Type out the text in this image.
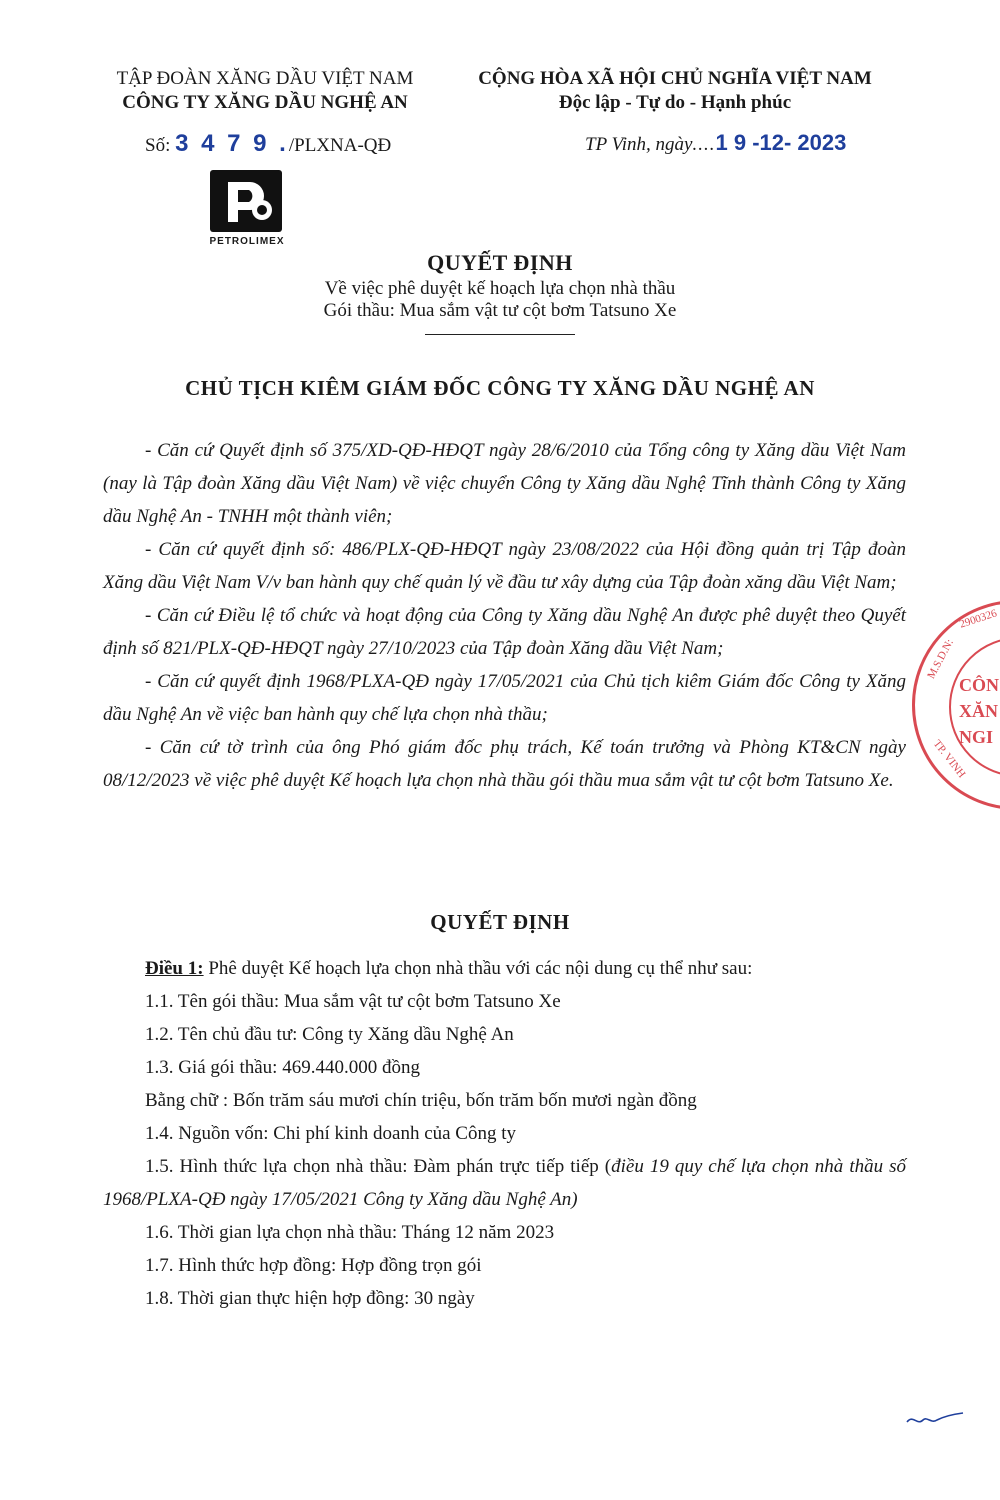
TẬP ĐOÀN XĂNG DẦU VIỆT NAM
CÔNG TY XĂNG DẦU NGHỆ AN
CỘNG HÒA XÃ HỘI CHỦ NGHĨA VIỆT NAM
Độc lập - Tự do - Hạnh phúc
Số: 3 4 7 9 ./PLXNA-QĐ	TP Vinh, ngày....1 9 -12- 2023
PETROLIMEX
QUYẾT ĐỊNH
Về việc phê duyệt kế hoạch lựa chọn nhà thầu
Gói thầu: Mua sắm vật tư cột bơm Tatsuno Xe
CHỦ TỊCH KIÊM GIÁM ĐỐC CÔNG TY XĂNG DẦU NGHỆ AN
- Căn cứ Quyết định số 375/XD-QĐ-HĐQT ngày 28/6/2010 của Tổng công ty Xăng dầu Việt Nam (nay là Tập đoàn Xăng dầu Việt Nam) về việc chuyển Công ty Xăng dầu Nghệ Tĩnh thành Công ty Xăng dầu Nghệ An - TNHH một thành viên;
- Căn cứ quyết định số: 486/PLX-QĐ-HĐQT ngày 23/08/2022 của Hội đồng quản trị Tập đoàn Xăng dầu Việt Nam V/v ban hành quy chế quản lý về đầu tư xây dựng của Tập đoàn xăng dầu Việt Nam;
- Căn cứ Điều lệ tổ chức và hoạt động của Công ty Xăng dầu Nghệ An được phê duyệt theo Quyết định số 821/PLX-QĐ-HĐQT ngày 27/10/2023 của Tập đoàn Xăng dầu Việt Nam;
- Căn cứ quyết định 1968/PLXA-QĐ ngày 17/05/2021 của Chủ tịch kiêm Giám đốc Công ty Xăng dầu Nghệ An về việc ban hành quy chế lựa chọn nhà thầu;
- Căn cứ tờ trình của ông Phó giám đốc phụ trách, Kế toán trưởng và Phòng KT&CN ngày 08/12/2023 về việc phê duyệt Kế hoạch lựa chọn nhà thầu gói thầu mua sắm vật tư cột bơm Tatsuno Xe.
QUYẾT ĐỊNH
Điều 1: Phê duyệt Kế hoạch lựa chọn nhà thầu với các nội dung cụ thể như sau:
1.1. Tên gói thầu: Mua sắm vật tư cột bơm Tatsuno Xe
1.2. Tên chủ đầu tư: Công ty Xăng dầu Nghệ An
1.3. Giá gói thầu: 469.440.000 đồng
Bằng chữ : Bốn trăm sáu mươi chín triệu, bốn trăm bốn mươi ngàn đồng
1.4. Nguồn vốn: Chi phí kinh doanh của Công ty
1.5. Hình thức lựa chọn nhà thầu: Đàm phán trực tiếp tiếp (điều 19 quy chế lựa chọn nhà thầu số 1968/PLXA-QĐ ngày 17/05/2021 Công ty Xăng dầu Nghệ An)
1.6. Thời gian lựa chọn nhà thầu: Tháng 12 năm 2023
1.7. Hình thức hợp đồng: Hợp đồng trọn gói
1.8. Thời gian thực hiện hợp đồng: 30 ngày
2900326
M.S.D.N:
CÔN
XĂN
NGI
TP. VINH
